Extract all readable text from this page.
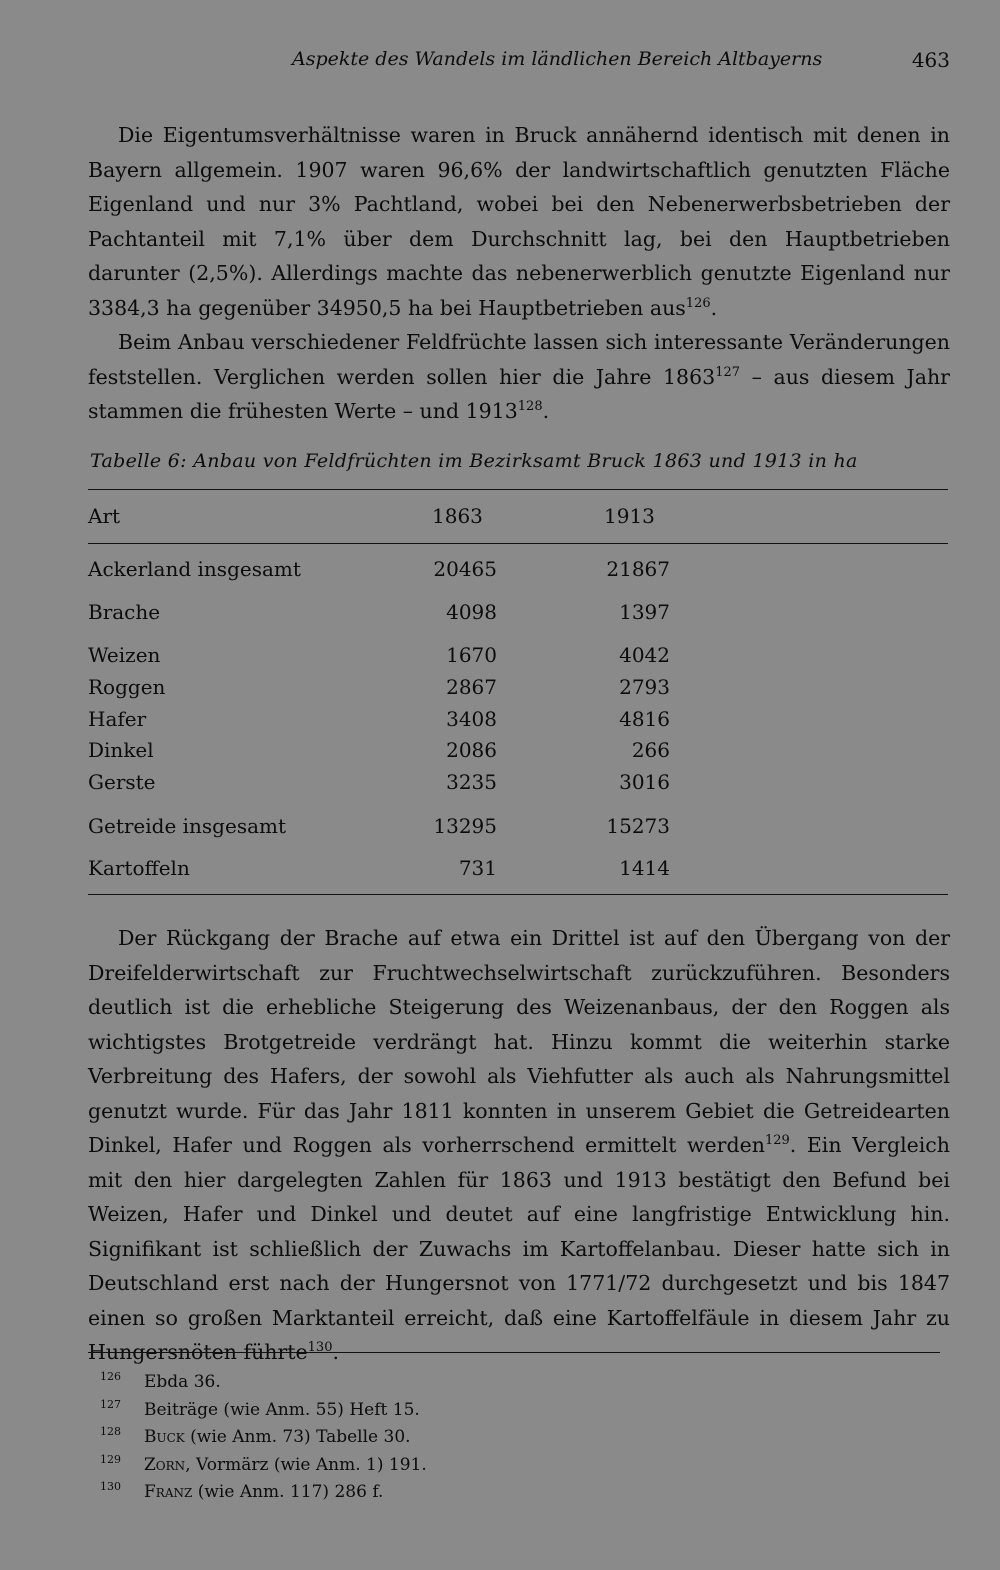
Aspekte des Wandels im ländlichen Bereich Altbayerns	463

Die Eigentumsverhältnisse waren in Bruck annähernd identisch mit denen in Bayern allgemein. 1907 waren 96,6% der landwirtschaftlich genutzten Fläche Eigenland und nur 3% Pachtland, wobei bei den Nebenerwerbsbetrieben der Pachtanteil mit 7,1% über dem Durchschnitt lag, bei den Hauptbetrieben darunter (2,5%). Allerdings machte das nebenerwerblich genutzte Eigenland nur 3384,3 ha gegenüber 34950,5 ha bei Hauptbetrieben aus$^{126}$.

Beim Anbau verschiedener Feldfrüchte lassen sich interessante Veränderungen feststellen. Verglichen werden sollen hier die Jahre 1863$^{127}$ – aus diesem Jahr stammen die frühesten Werte – und 1913$^{128}$.

Tabelle 6: Anbau von Feldfrüchten im Bezirksamt Bruck 1863 und 1913 in ha
Art	1863	1913
Ackerland insgesamt	20465	21867
Brache	4098	1397
Weizen	1670	4042
Roggen	2867	2793
Hafer	3408	4816
Dinkel	2086	266
Gerste	3235	3016
Getreide insgesamt	13295	15273
Kartoffeln	731	1414

Der Rückgang der Brache auf etwa ein Drittel ist auf den Übergang von der Dreifelderwirtschaft zur Fruchtwechselwirtschaft zurückzuführen. Besonders deutlich ist die erhebliche Steigerung des Weizenanbaus, der den Roggen als wichtigstes Brotgetreide verdrängt hat. Hinzu kommt die weiterhin starke Verbreitung des Hafers, der sowohl als Viehfutter als auch als Nahrungsmittel genutzt wurde. Für das Jahr 1811 konnten in unserem Gebiet die Getreidearten Dinkel, Hafer und Roggen als vorherrschend ermittelt werden$^{129}$. Ein Vergleich mit den hier dargelegten Zahlen für 1863 und 1913 bestätigt den Befund bei Weizen, Hafer und Dinkel und deutet auf eine langfristige Entwicklung hin. Signifikant ist schließlich der Zuwachs im Kartoffelanbau. Dieser hatte sich in Deutschland erst nach der Hungersnot von 1771/72 durchgesetzt und bis 1847 einen so großen Marktanteil erreicht, daß eine Kartoffelfäule in diesem Jahr zu Hungersnöten führte$^{130}$.

126 Ebda 36.
127 Beiträge (wie Anm. 55) Heft 15.
128 Buck (wie Anm. 73) Tabelle 30.
129 Zorn, Vormärz (wie Anm. 1) 191.
130 Franz (wie Anm. 117) 286 f.
